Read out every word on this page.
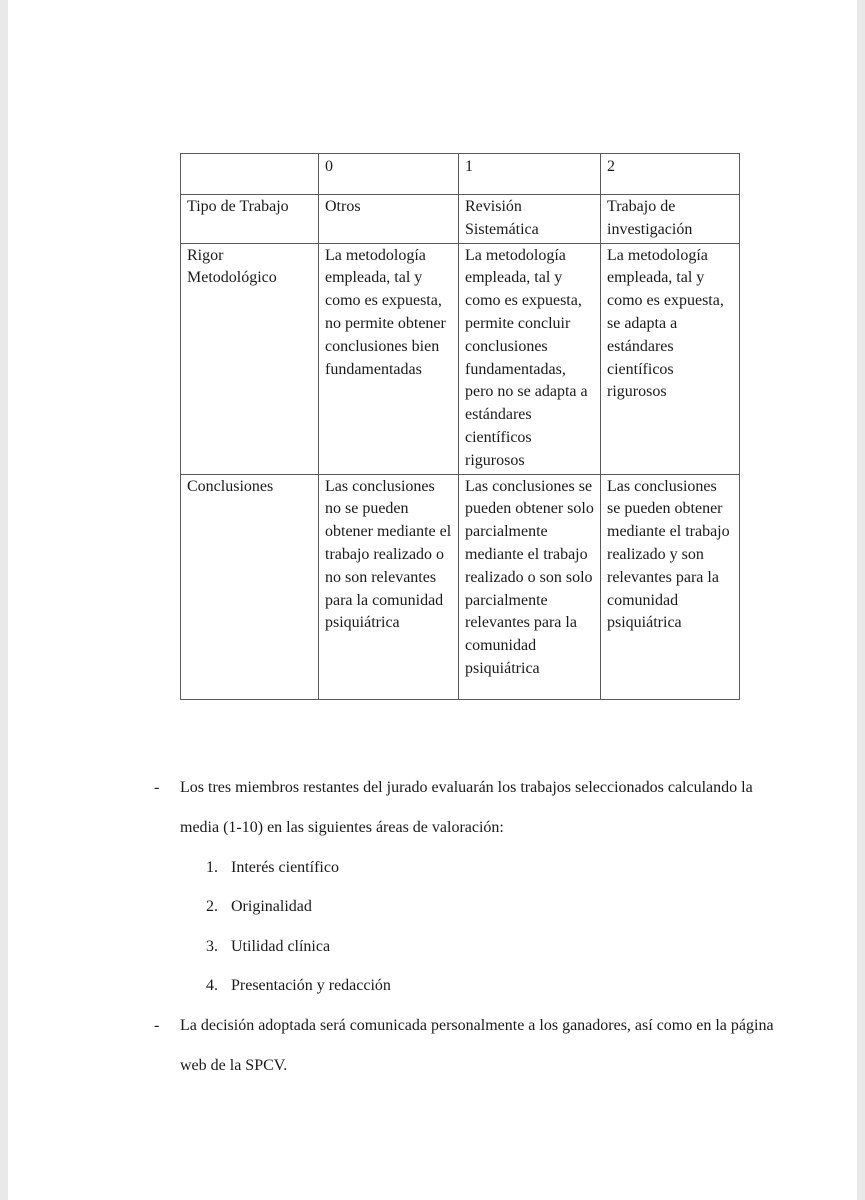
	0	1	2
Tipo de Trabajo	Otros	Revisión Sistemática	Trabajo de investigación
Rigor Metodológico	La metodología empleada, tal y como es expuesta, no permite obtener conclusiones bien fundamentadas	La metodología empleada, tal y como es expuesta, permite concluir conclusiones fundamentadas, pero no se adapta a estándares científicos rigurosos	La metodología empleada, tal y como es expuesta, se adapta a estándares científicos rigurosos
Conclusiones	Las conclusiones no se pueden obtener mediante el trabajo realizado o no son relevantes para la comunidad psiquiátrica	Las conclusiones se pueden obtener solo parcialmente mediante el trabajo realizado o son solo parcialmente relevantes para la comunidad psiquiátrica	Las conclusiones se pueden obtener mediante el trabajo realizado y son relevantes para la comunidad psiquiátrica
- Los tres miembros restantes del jurado evaluarán los trabajos seleccionados calculando la media (1-10) en las siguientes áreas de valoración:
1. Interés científico
2. Originalidad
3. Utilidad clínica
4. Presentación y redacción
- La decisión adoptada será comunicada personalmente a los ganadores, así como en la página web de la SPCV.
